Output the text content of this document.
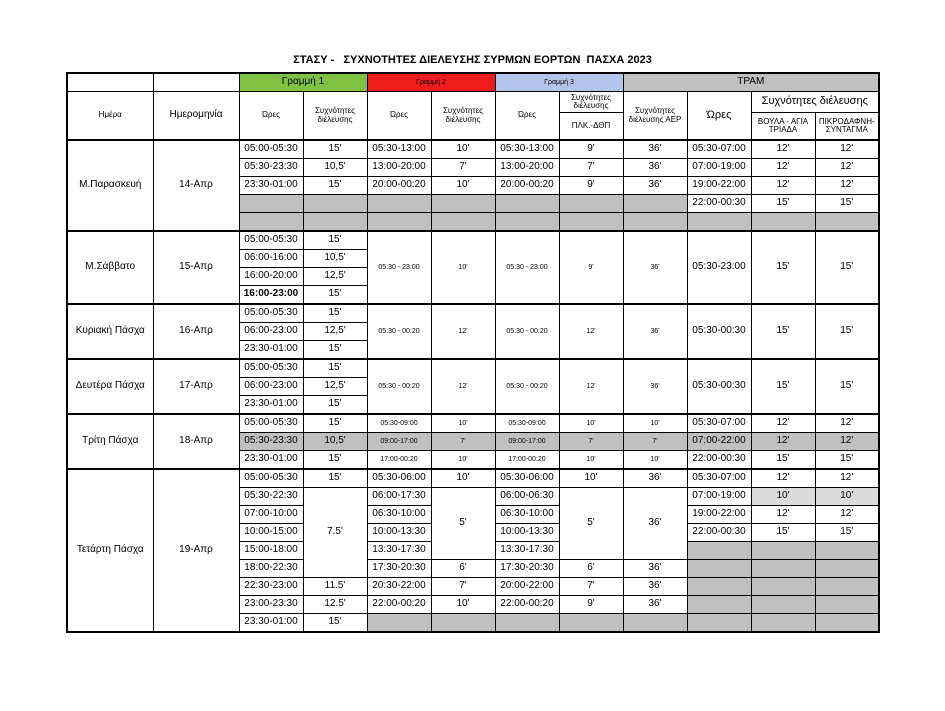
ΣΤΑΣΥ -   ΣΥΧΝΟΤΗΤΕΣ ΔΙΕΛΕΥΣΗΣ ΣΥΡΜΩΝ ΕΟΡΤΩΝ  ΠΑΣΧΑ 2023
		Γραμμή 1		Γραμμή 2		Γραμμή 3		ΤΡΑΜ			
Ημέρα	Ημερομηνία	Ώρες	Συχνότητες διέλευσης	Ώρες	Συχνότητες διέλευσης	Ώρες	Συχνότητες διέλευσης	Συχνότητες διέλευσης ΑΕΡ	Ώρες	Συχνότητες διέλευσης	
							ΠΛΚ.-ΔΘΠ			ΒΟΥΛΑ - ΑΓΙΑ ΤΡΙΑΔΑ	ΠΙΚΡΟΔΑΦΝΗ-ΣΥΝΤΑΓΜΑ
Μ.Παρασκευή	14-Απρ	05:00-05:30	15'	05:30-13:00	10'	05:30-13:00	9'	36'	05:30-07:00	12'	12'
		05:30-23:30	10,5'	13:00-20:00	7'	13:00-20:00	7'	36'	07:00-19:00	12'	12'
		23:30-01:00	15'	20:00-00:20	10'	20:00-00:20	9'	36'	19:00-22:00	12'	12'
									22:00-00:30	15'	15'

Μ.Σάββατο	15-Απρ	05:00-05:30	15'	05:30 - 23:00	10'	05:30 - 23:00	9'	36'	05:30-23:00	15'	15'
		06:00-16:00	10,5'								
		16:00-20:00	12,5'								
		16:00-23:00	15'								
Κυριακή Πάσχα	16-Απρ	05:00-05:30	15'	05:30 - 00:20	12'	05:30 - 00:20	12'	36'	05:30-00:30	15'	15'
		06:00-23:00	12,5'								
		23:30-01:00	15'								
Δευτέρα Πάσχα	17-Απρ	05:00-05:30	15'	05:30 - 00:20	12'	05:30 - 00:20	12'	36'	05:30-00:30	15'	15'
		06:00-23:00	12,5'								
		23:30-01:00	15'								
Τρίτη Πάσχα	18-Απρ	05:00-05:30	15'	05:30-09:00	10'	05:30-09:00	10'	10'	05:30-07:00	12'	12'
		05:30-23:30	10,5'	09:00-17:00	7'	09:00-17:00	7'	7'	07:00-22:00	12'	12'
		23:30-01:00	15'	17:00-00:20	10'	17:00-00:20	10'	10'	22:00-00:30	15'	15'
Τετάρτη Πάσχα	19-Απρ	05:00-05:30	15'	05:30-06:00	10'	05:30-06:00	10'	36'	05:30-07:00	12'	12'
		05:30-22:30	7.5'	06:00-17:30	5'	06:00-06:30	5'	36'	07:00-19:00	10'	10'
		07:00-10:00		06:30-10:00		06:30-10:00			19:00-22:00	12'	12'
		10:00-15:00		10:00-13:30		10:00-13:30			22:00-00:30	15'	15'
		15:00-18:00		13:30-17:30		13:30-17:30					
		18:00-22:30		17:30-20:30	6'	17:30-20:30	6'	36'			
		22:30-23:00	11.5'	20:30-22:00	7'	20:00-22:00	7'	36'			
		23:00-23:30	12.5'	22:00-00:20	10'	22:00-00:20	9'	36'			
		23:30-01:00	15'								
